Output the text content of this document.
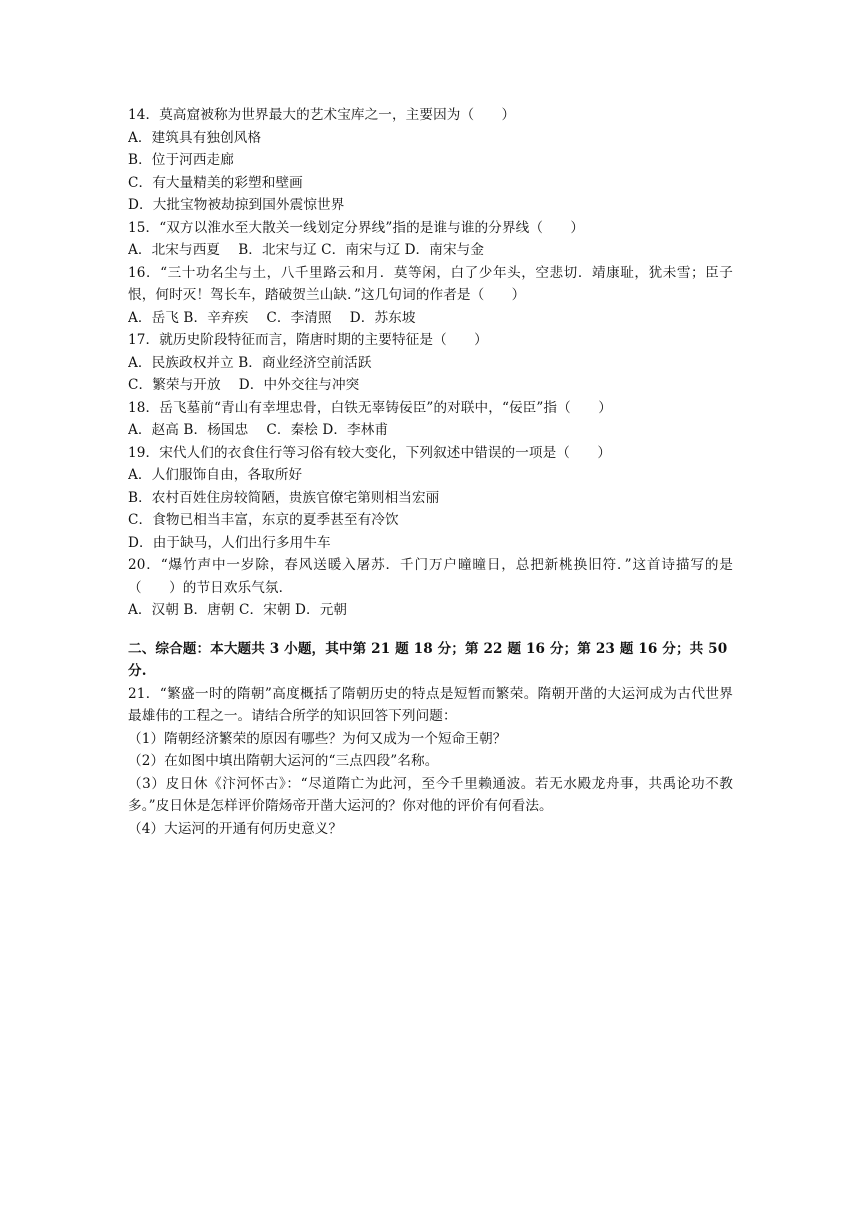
14．莫高窟被称为世界最大的艺术宝库之一，主要因为（　　）
A．建筑具有独创风格
B．位于河西走廊
C．有大量精美的彩塑和壁画
D．大批宝物被劫掠到国外震惊世界
15．“双方以淮水至大散关一线划定分界线”指的是谁与谁的分界线（　　）
A．北宋与西夏　 B．北宋与辽 C．南宋与辽 D．南宋与金
16．“三十功名尘与土，八千里路云和月．莫等闲，白了少年头，空悲切．靖康耻，犹未雪；臣子恨，何时灭！驾长车，踏破贺兰山缺．”这几句词的作者是（　　）
A．岳飞 B．辛弃疾　 C．李清照　 D．苏东坡
17．就历史阶段特征而言，隋唐时期的主要特征是（　　）
A．民族政权并立 B．商业经济空前活跃
C．繁荣与开放　 D．中外交往与冲突
18．岳飞墓前“青山有幸埋忠骨，白铁无辜铸佞臣”的对联中，“佞臣”指（　　）
A．赵高 B．杨国忠　 C．秦桧 D．李林甫
19．宋代人们的衣食住行等习俗有较大变化，下列叙述中错误的一项是（　　）
A．人们服饰自由，各取所好
B．农村百姓住房较简陋，贵族官僚宅第则相当宏丽
C．食物已相当丰富，东京的夏季甚至有冷饮
D．由于缺马，人们出行多用牛车
20．“爆竹声中一岁除，春风送暖入屠苏．千门万户曈曈日，总把新桃换旧符．”这首诗描写的是（　　）的节日欢乐气氛．
A．汉朝 B．唐朝 C．宋朝 D．元朝
二、综合题：本大题共 3 小题，其中第 21 题 18 分；第 22 题 16 分；第 23 题 16 分；共 50 分.
21．“繁盛一时的隋朝”高度概括了隋朝历史的特点是短暂而繁荣。隋朝开凿的大运河成为古代世界最雄伟的工程之一。请结合所学的知识回答下列问题：
（1）隋朝经济繁荣的原因有哪些？为何又成为一个短命王朝？
（2）在如图中填出隋朝大运河的“三点四段”名称。
（3）皮日休《汴河怀古》：“尽道隋亡为此河，至今千里赖通波。若无水殿龙舟事，共禹论功不教多。”皮日休是怎样评价隋炀帝开凿大运河的？你对他的评价有何看法。
（4）大运河的开通有何历史意义？
